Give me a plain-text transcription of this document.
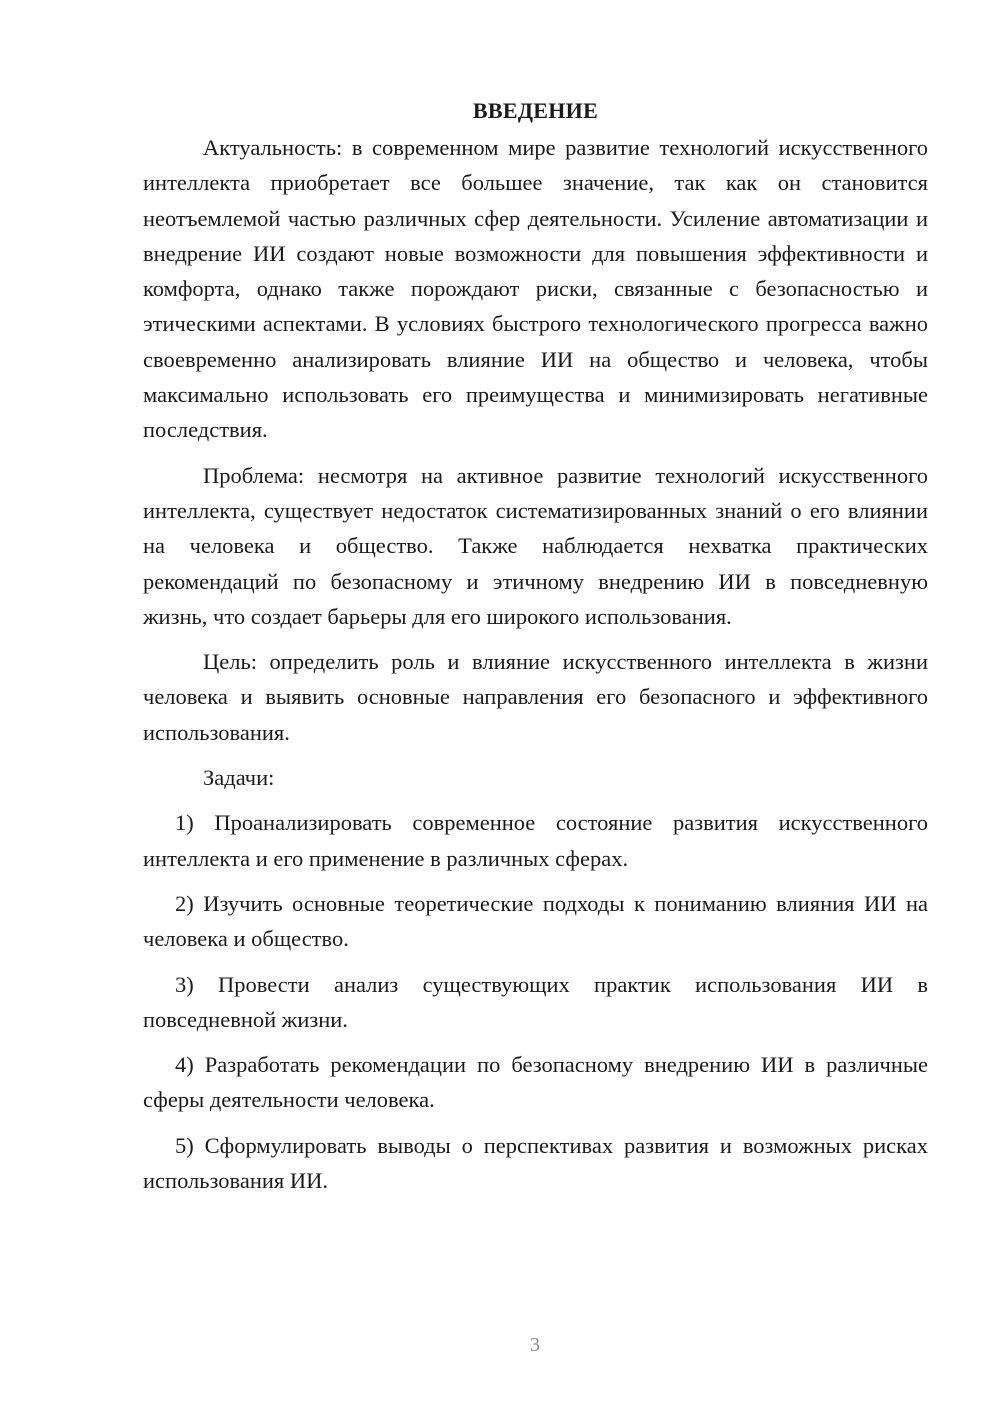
ВВЕДЕНИЕ

Актуальность: в современном мире развитие технологий искусственного интеллекта приобретает все большее значение, так как он становится неотъемлемой частью различных сфер деятельности. Усиление автоматизации и внедрение ИИ создают новые возможности для повышения эффективности и комфорта, однако также порождают риски, связанные с безопасностью и этическими аспектами. В условиях быстрого технологического прогресса важно своевременно анализировать влияние ИИ на общество и человека, чтобы максимально использовать его преимущества и минимизировать негативные последствия.

Проблема: несмотря на активное развитие технологий искусственного интеллекта, существует недостаток систематизированных знаний о его влиянии на человека и общество. Также наблюдается нехватка практических рекомендаций по безопасному и этичному внедрению ИИ в повседневную жизнь, что создает барьеры для его широкого использования.

Цель: определить роль и влияние искусственного интеллекта в жизни человека и выявить основные направления его безопасного и эффективного использования.

Задачи:

1) Проанализировать современное состояние развития искусственного интеллекта и его применение в различных сферах.

2) Изучить основные теоретические подходы к пониманию влияния ИИ на человека и общество.

3) Провести анализ существующих практик использования ИИ в повседневной жизни.

4) Разработать рекомендации по безопасному внедрению ИИ в различные сферы деятельности человека.

5) Сформулировать выводы о перспективах развития и возможных рисках использования ИИ.

3
